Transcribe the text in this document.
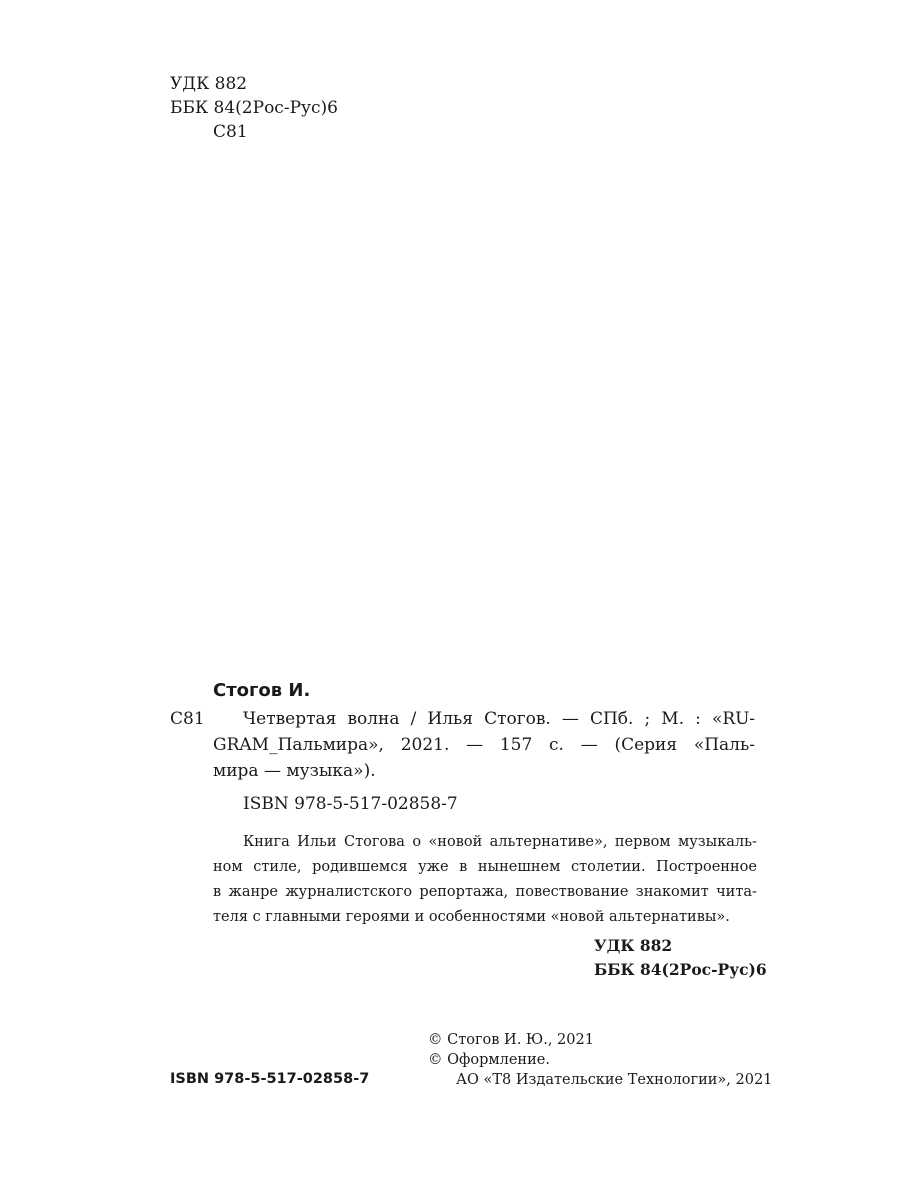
УДК 882
ББК 84(2Рос-Рус)6
С81
Стогов И.
С81 Четвертая волна / Илья Стогов. — СПб. ; М. : «RU-
GRAM_Пальмира», 2021. — 157 с. — (Серия «Паль-
мира — музыка»).
ISBN 978-5-517-02858-7
Книга Ильи Стогова о «новой альтернативе», первом музыкаль-
ном стиле, родившемся уже в нынешнем столетии. Построенное
в жанре журналистского репортажа, повествование знакомит чита-
теля с главными героями и особенностями «новой альтернативы».
УДК 882
ББК 84(2Рос-Рус)6
© Стогов И. Ю., 2021
© Оформление.
АО «Т8 Издательские Технологии», 2021
ISBN 978-5-517-02858-7
